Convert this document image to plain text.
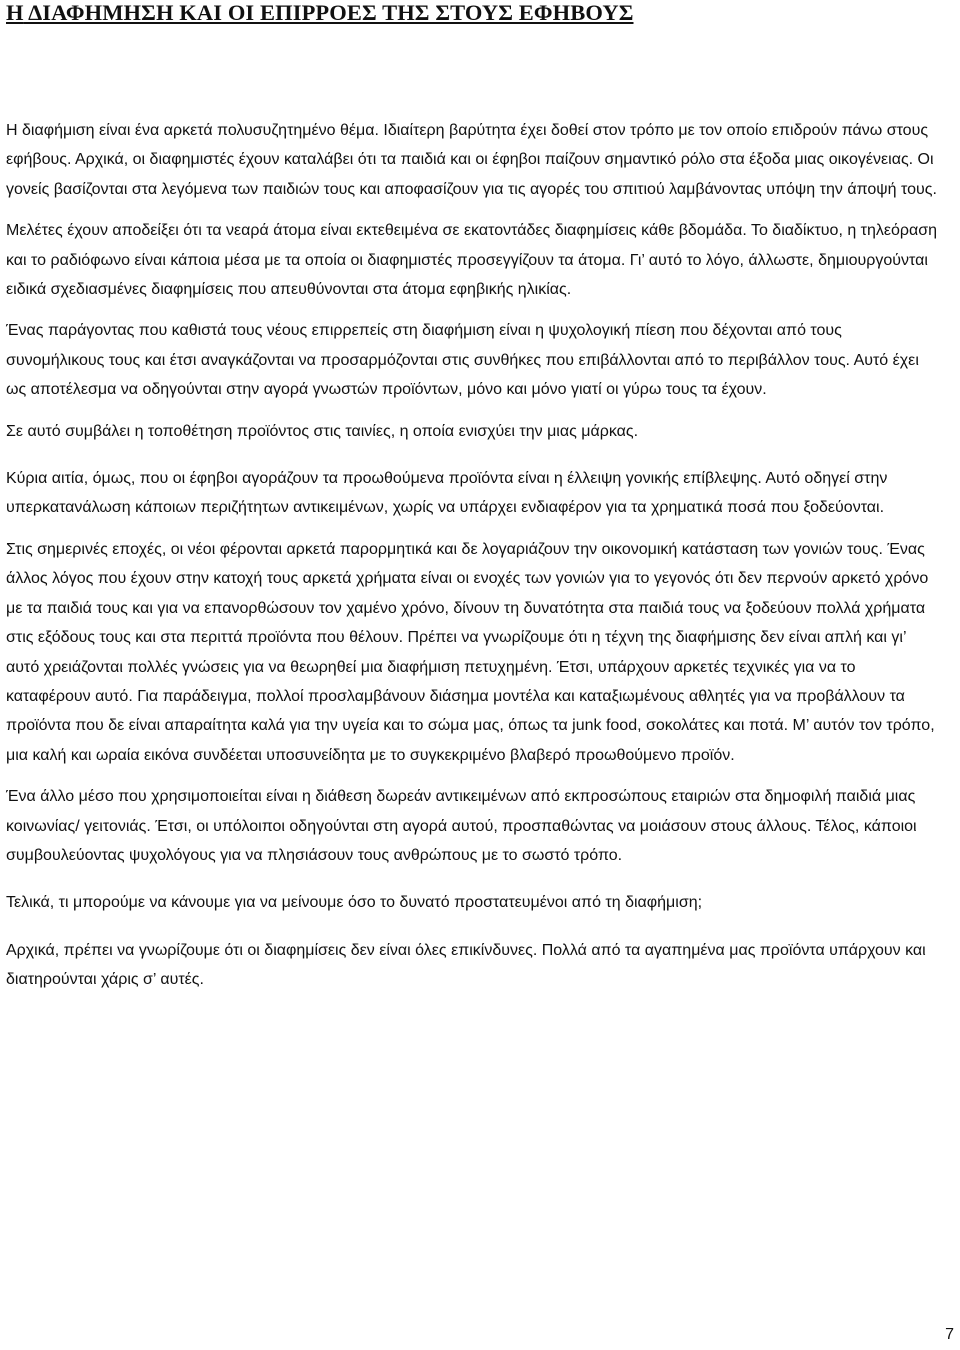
Η ΔΙΑΦΗΜΗΣΗ ΚΑΙ ΟΙ ΕΠΙΡΡΟΕΣ ΤΗΣ ΣΤΟΥΣ ΕΦΗΒΟΥΣ

Η διαφήμιση είναι ένα αρκετά πολυσυζητημένο θέμα. Ιδιαίτερη βαρύτητα έχει δοθεί στον τρόπο με τον οποίο επιδρούν πάνω στους εφήβους. Αρχικά, οι διαφημιστές έχουν καταλάβει ότι τα παιδιά και οι έφηβοι παίζουν σημαντικό ρόλο στα έξοδα μιας οικογένειας. Οι γονείς βασίζονται στα λεγόμενα των παιδιών τους και αποφασίζουν για τις αγορές του σπιτιού λαμβάνοντας υπόψη την άποψή τους.

Μελέτες έχουν αποδείξει ότι τα νεαρά άτομα είναι εκτεθειμένα σε εκατοντάδες διαφημίσεις κάθε βδομάδα. Το διαδίκτυο, η τηλεόραση και το ραδιόφωνο είναι κάποια μέσα με τα οποία οι διαφημιστές προσεγγίζουν τα άτομα. Γι’ αυτό το λόγο, άλλωστε, δημιουργούνται ειδικά σχεδιασμένες διαφημίσεις που απευθύνονται στα άτομα εφηβικής ηλικίας.

Ένας παράγοντας που καθιστά τους νέους επιρρεπείς στη διαφήμιση είναι η ψυχολογική πίεση που δέχονται από τους συνομήλικους τους και έτσι αναγκάζονται να προσαρμόζονται στις συνθήκες που επιβάλλονται από το περιβάλλον τους. Αυτό έχει ως αποτέλεσμα να οδηγούνται στην αγορά γνωστών προϊόντων, μόνο και μόνο γιατί οι γύρω τους τα έχουν.

Σε αυτό συμβάλει η τοποθέτηση προϊόντος στις ταινίες, η οποία ενισχύει την μιας μάρκας.

Κύρια αιτία, όμως, που οι έφηβοι αγοράζουν τα προωθούμενα προϊόντα είναι η έλλειψη γονικής επίβλεψης. Αυτό οδηγεί στην υπερκατανάλωση κάποιων περιζήτητων αντικειμένων, χωρίς να υπάρχει ενδιαφέρον για τα χρηματικά ποσά που ξοδεύονται.

Στις σημερινές εποχές, οι νέοι φέρονται αρκετά παρορμητικά και δε λογαριάζουν την οικονομική κατάσταση των γονιών τους. Ένας άλλος λόγος που έχουν στην κατοχή τους αρκετά χρήματα είναι οι ενοχές των γονιών για το γεγονός ότι δεν περνούν αρκετό χρόνο με τα παιδιά τους και για να επανορθώσουν τον χαμένο χρόνο, δίνουν τη δυνατότητα στα παιδιά τους να ξοδεύουν πολλά χρήματα στις εξόδους τους και στα περιττά προϊόντα που θέλουν. Πρέπει να γνωρίζουμε ότι η τέχνη της διαφήμισης δεν είναι απλή και γι’ αυτό χρειάζονται πολλές γνώσεις για να θεωρηθεί μια διαφήμιση πετυχημένη. Έτσι, υπάρχουν αρκετές τεχνικές για να το καταφέρουν αυτό. Για παράδειγμα, πολλοί προσλαμβάνουν διάσημα μοντέλα και καταξιωμένους αθλητές για να προβάλλουν τα προϊόντα που δε είναι απαραίτητα καλά για την υγεία και το σώμα μας, όπως τα junk food, σοκολάτες και ποτά. Μ’ αυτόν τον τρόπο, μια καλή και ωραία εικόνα συνδέεται υποσυνείδητα με το συγκεκριμένο βλαβερό προωθούμενο προϊόν.

Ένα άλλο μέσο που χρησιμοποιείται είναι η διάθεση δωρεάν αντικειμένων από εκπροσώπους εταιριών στα δημοφιλή παιδιά μιας κοινωνίας/ γειτονιάς. Έτσι, οι υπόλοιποι οδηγούνται στη αγορά αυτού, προσπαθώντας να μοιάσουν στους άλλους. Τέλος, κάποιοι συμβουλεύοντας ψυχολόγους για να πλησιάσουν τους ανθρώπους με το σωστό τρόπο.

Τελικά, τι μπορούμε να κάνουμε για να μείνουμε όσο το δυνατό προστατευμένοι από τη διαφήμιση;

Αρχικά, πρέπει να γνωρίζουμε ότι οι διαφημίσεις δεν είναι όλες επικίνδυνες. Πολλά από τα αγαπημένα μας προϊόντα υπάρχουν και διατηρούνται χάρις σ’ αυτές.

7
